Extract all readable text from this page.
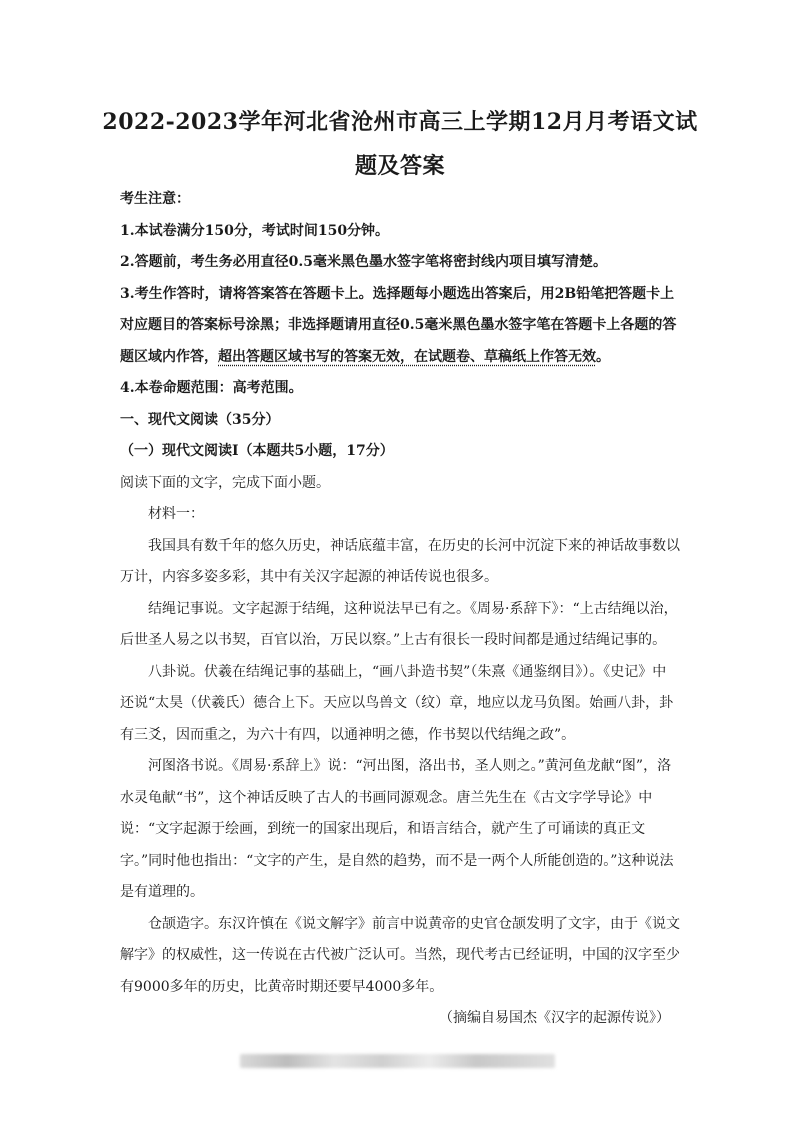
2022-2023学年河北省沧州市高三上学期12月月考语文试
题及答案

考生注意：

1.本试卷满分150分，考试时间150分钟。

2.答题前，考生务必用直径0.5毫米黑色墨水签字笔将密封线内项目填写清楚。

3.考生作答时，请将答案答在答题卡上。选择题每小题选出答案后，用2B铅笔把答题卡上对应题目的答案标号涂黑；非选择题请用直径0.5毫米黑色墨水签字笔在答题卡上各题的答题区域内作答，超出答题区域书写的答案无效，在试题卷、草稿纸上作答无效。

4.本卷命题范围：高考范围。

一、现代文阅读（35分）

（一）现代文阅读Ⅰ（本题共5小题，17分）

阅读下面的文字，完成下面小题。

材料一：

我国具有数千年的悠久历史，神话底蕴丰富，在历史的长河中沉淀下来的神话故事数以万计，内容多姿多彩，其中有关汉字起源的神话传说也很多。

结绳记事说。文字起源于结绳，这种说法早已有之。《周易·系辞下》：“上古结绳以治，后世圣人易之以书契，百官以治，万民以察。”上古有很长一段时间都是通过结绳记事的。

八卦说。伏羲在结绳记事的基础上，“画八卦造书契”（朱熹《通鉴纲目》）。《史记》中还说“太昊（伏羲氏）德合上下。天应以鸟兽文（纹）章，地应以龙马负图。始画八卦，卦有三爻，因而重之，为六十有四，以通神明之德，作书契以代结绳之政”。

河图洛书说。《周易·系辞上》说：“河出图，洛出书，圣人则之。”黄河鱼龙献“图”，洛水灵龟献“书”，这个神话反映了古人的书画同源观念。唐兰先生在《古文字学导论》中说：“文字起源于绘画，到统一的国家出现后，和语言结合，就产生了可诵读的真正文字。”同时他也指出：“文字的产生，是自然的趋势，而不是一两个人所能创造的。”这种说法是有道理的。

仓颉造字。东汉许慎在《说文解字》前言中说黄帝的史官仓颉发明了文字，由于《说文解字》的权威性，这一传说在古代被广泛认可。当然，现代考古已经证明，中国的汉字至少有9000多年的历史，比黄帝时期还要早4000多年。

（摘编自易国杰《汉字的起源传说》）
